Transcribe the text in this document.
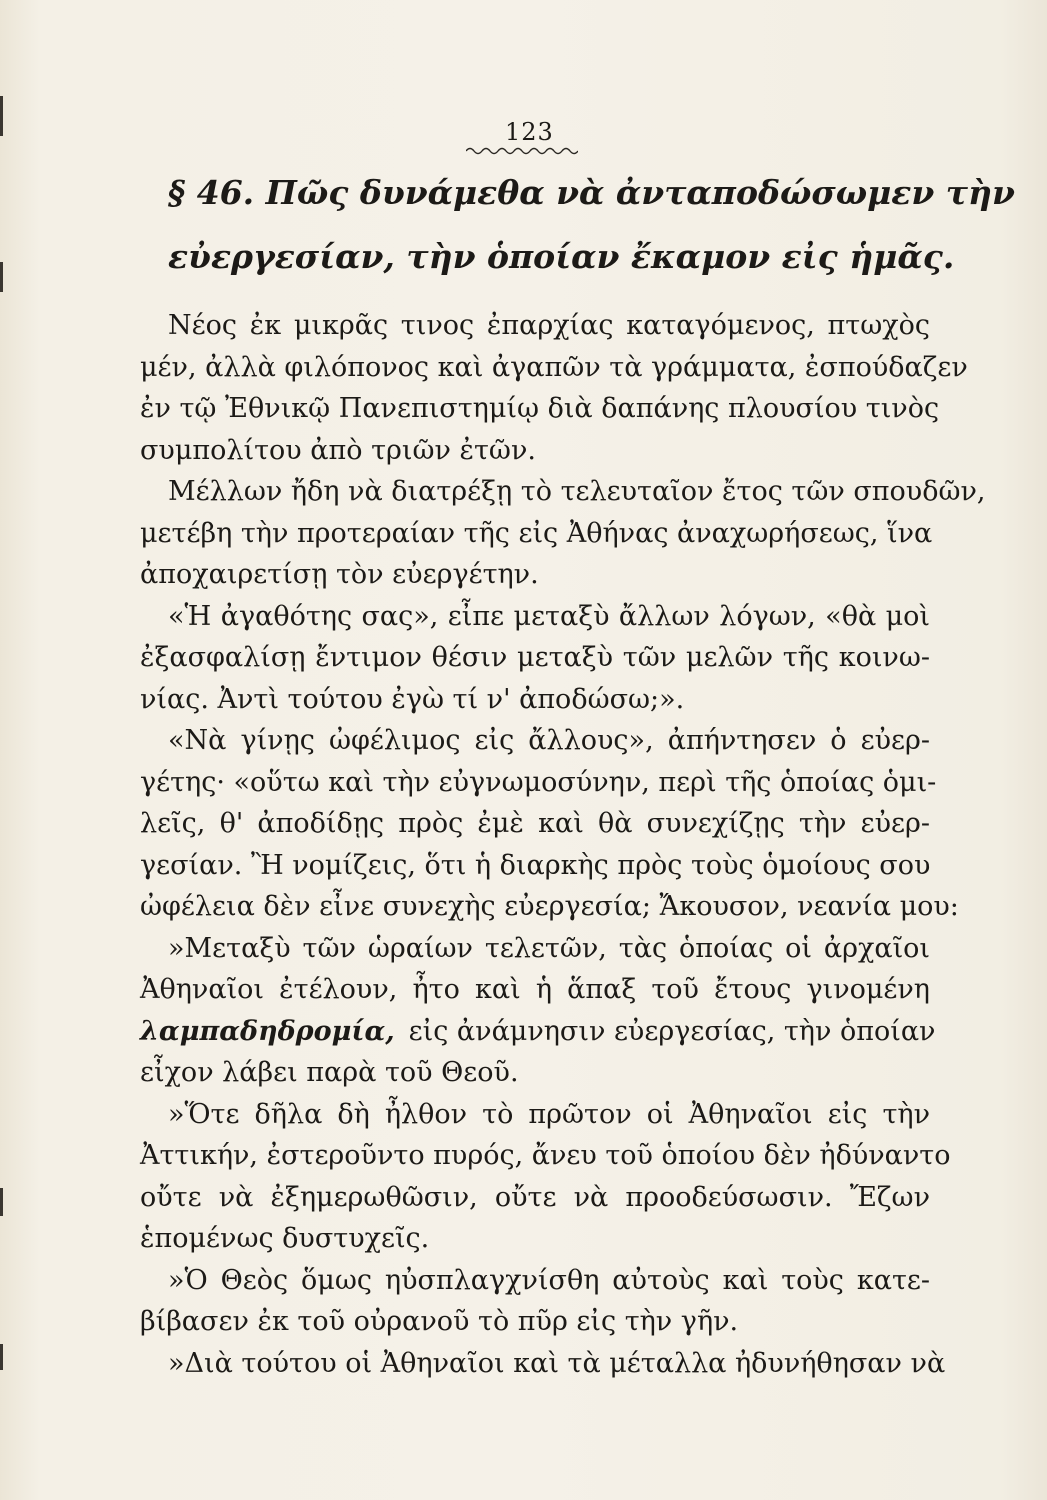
123
§ 46. Πῶς δυνάμεθα νὰ ἀνταποδώσωμεν τὴν
εὐεργεσίαν, τὴν ὁποίαν ἔκαμον εἰς ἡμᾶς.
Νέος ἐκ μικρᾶς τινος ἐπαρχίας καταγόμενος, πτωχὸς
μέν, ἀλλὰ φιλόπονος καὶ ἀγαπῶν τὰ γράμματα, ἐσπούδαζεν
ἐν τῷ Ἐθνικῷ Πανεπιστημίῳ διὰ δαπάνης πλουσίου τινὸς
συμπολίτου ἀπὸ τριῶν ἐτῶν.
Μέλλων ἤδη νὰ διατρέξῃ τὸ τελευταῖον ἔτος τῶν σπουδῶν,
μετέβη τὴν προτεραίαν τῆς εἰς Ἀθήνας ἀναχωρήσεως, ἵνα
ἀποχαιρετίσῃ τὸν εὐεργέτην.
«Ἡ ἀγαθότης σας», εἶπε μεταξὺ ἄλλων λόγων, «θὰ μοὶ
ἐξασφαλίσῃ ἔντιμον θέσιν μεταξὺ τῶν μελῶν τῆς κοινω-
νίας. Ἀντὶ τούτου ἐγὼ τί ν' ἀποδώσω;».
«Νὰ γίνῃς ὠφέλιμος εἰς ἄλλους», ἀπήντησεν ὁ εὐερ-
γέτης· «οὕτω καὶ τὴν εὐγνωμοσύνην, περὶ τῆς ὁποίας ὁμι-
λεῖς, θ' ἀποδίδῃς πρὸς ἐμὲ καὶ θὰ συνεχίζῃς τὴν εὐερ-
γεσίαν. Ἢ νομίζεις, ὅτι ἡ διαρκὴς πρὸς τοὺς ὁμοίους σου
ὠφέλεια δὲν εἶνε συνεχὴς εὐεργεσία; Ἄκουσον, νεανία μου:
»Μεταξὺ τῶν ὡραίων τελετῶν, τὰς ὁποίας οἱ ἀρχαῖοι
Ἀθηναῖοι ἐτέλουν, ἦτο καὶ ἡ ἅπαξ τοῦ ἔτους γινομένη
λαμπαδηδρομία, εἰς ἀνάμνησιν εὐεργεσίας, τὴν ὁποίαν
εἶχον λάβει παρὰ τοῦ Θεοῦ.
»Ὅτε δῆλα δὴ ἦλθον τὸ πρῶτον οἱ Ἀθηναῖοι εἰς τὴν
Ἀττικήν, ἐστεροῦντο πυρός, ἄνευ τοῦ ὁποίου δὲν ἠδύναντο
οὔτε νὰ ἐξημερωθῶσιν, οὔτε νὰ προοδεύσωσιν. Ἔζων
ἑπομένως δυστυχεῖς.
»Ὁ Θεὸς ὅμως ηὐσπλαγχνίσθη αὐτοὺς καὶ τοὺς κατε-
βίβασεν ἐκ τοῦ οὐρανοῦ τὸ πῦρ εἰς τὴν γῆν.
»Διὰ τούτου οἱ Ἀθηναῖοι καὶ τὰ μέταλλα ἠδυνήθησαν νὰ
